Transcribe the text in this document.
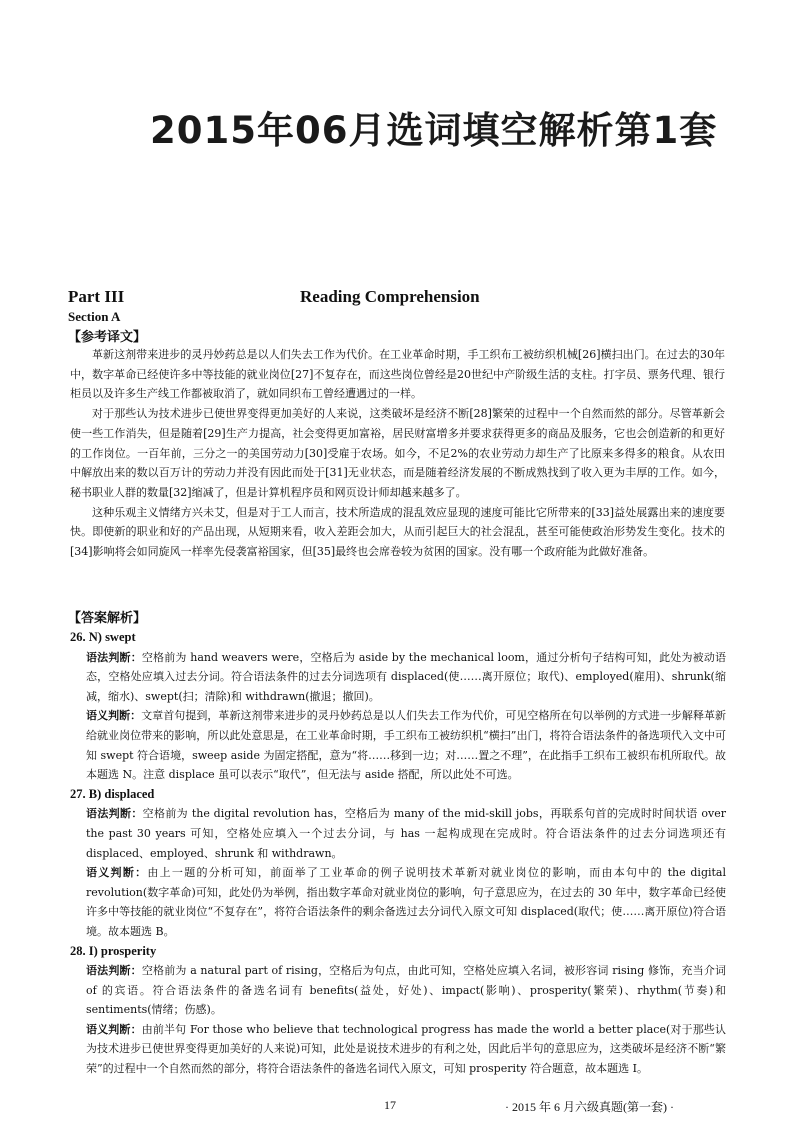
2015年06月选词填空解析第1套
Part III	Reading Comprehension
Section A
【参考译文】

革新这剂带来进步的灵丹妙药总是以人们失去工作为代价。在工业革命时期，手工织布工被纺织机械[26]横扫出门。在过去的30年中，数字革命已经使许多中等技能的就业岗位[27]不复存在，而这些岗位曾经是20世纪中产阶级生活的支柱。打字员、票务代理、银行柜员以及许多生产线工作都被取消了，就如同织布工曾经遭遇过的一样。

对于那些认为技术进步已使世界变得更加美好的人来说，这类破坏是经济不断[28]繁荣的过程中一个自然而然的部分。尽管革新会使一些工作消失，但是随着[29]生产力提高，社会变得更加富裕，居民财富增多并要求获得更多的商品及服务，它也会创造新的和更好的工作岗位。一百年前，三分之一的美国劳动力[30]受雇于农场。如今，不足2%的农业劳动力却生产了比原来多得多的粮食。从农田中解放出来的数以百万计的劳动力并没有因此而处于[31]无业状态，而是随着经济发展的不断成熟找到了收入更为丰厚的工作。如今，秘书职业人群的数量[32]缩减了，但是计算机程序员和网页设计师却越来越多了。

这种乐观主义情绪方兴未艾，但是对于工人而言，技术所造成的混乱效应显现的速度可能比它所带来的[33]益处展露出来的速度要快。即使新的职业和好的产品出现，从短期来看，收入差距会加大，从而引起巨大的社会混乱，甚至可能使政治形势发生变化。技术的[34]影响将会如同旋风一样率先侵袭富裕国家，但[35]最终也会席卷较为贫困的国家。没有哪一个政府能为此做好准备。

【答案解析】
26. N) swept

语法判断：空格前为 hand weavers were，空格后为 aside by the mechanical loom，通过分析句子结构可知，此处为被动语态，空格处应填入过去分词。符合语法条件的过去分词选项有 displaced(使……离开原位；取代)、employed(雇用)、shrunk(缩减，缩水)、swept(扫；清除)和 withdrawn(撤退；撤回)。

语义判断：文章首句提到，革新这剂带来进步的灵丹妙药总是以人们失去工作为代价，可见空格所在句以举例的方式进一步解释革新给就业岗位带来的影响，所以此处意思是，在工业革命时期，手工织布工被纺织机“横扫”出门，将符合语法条件的备选项代入文中可知 swept 符合语境，sweep aside 为固定搭配，意为“将……移到一边；对……置之不理”，在此指手工织布工被织布机所取代。故本题选 N。注意 displace 虽可以表示“取代”，但无法与 aside 搭配，所以此处不可选。

27. B) displaced

语法判断：空格前为 the digital revolution has，空格后为 many of the mid-skill jobs，再联系句首的完成时时间状语 over the past 30 years 可知，空格处应填入一个过去分词，与 has 一起构成现在完成时。符合语法条件的过去分词选项还有 displaced、employed、shrunk 和 withdrawn。

语义判断：由上一题的分析可知，前面举了工业革命的例子说明技术革新对就业岗位的影响，而由本句中的 the digital revolution(数字革命)可知，此处仍为举例，指出数字革命对就业岗位的影响，句子意思应为，在过去的 30 年中，数字革命已经使许多中等技能的就业岗位“不复存在”，将符合语法条件的剩余备选过去分词代入原文可知 displaced(取代；使……离开原位)符合语境。故本题选 B。

28. I) prosperity

语法判断：空格前为 a natural part of rising，空格后为句点，由此可知，空格处应填入名词，被形容词 rising 修饰，充当介词 of 的宾语。符合语法条件的备选名词有 benefits(益处，好处)、impact(影响)、prosperity(繁荣)、rhythm(节奏)和 sentiments(情绪；伤感)。

语义判断：由前半句 For those who believe that technological progress has made the world a better place(对于那些认为技术进步已使世界变得更加美好的人来说)可知，此处是说技术进步的有利之处，因此后半句的意思应为，这类破坏是经济不断“繁荣”的过程中一个自然而然的部分，将符合语法条件的备选名词代入原文，可知 prosperity 符合题意，故本题选 I。

17	· 2015 年 6 月六级真题(第一套) ·
